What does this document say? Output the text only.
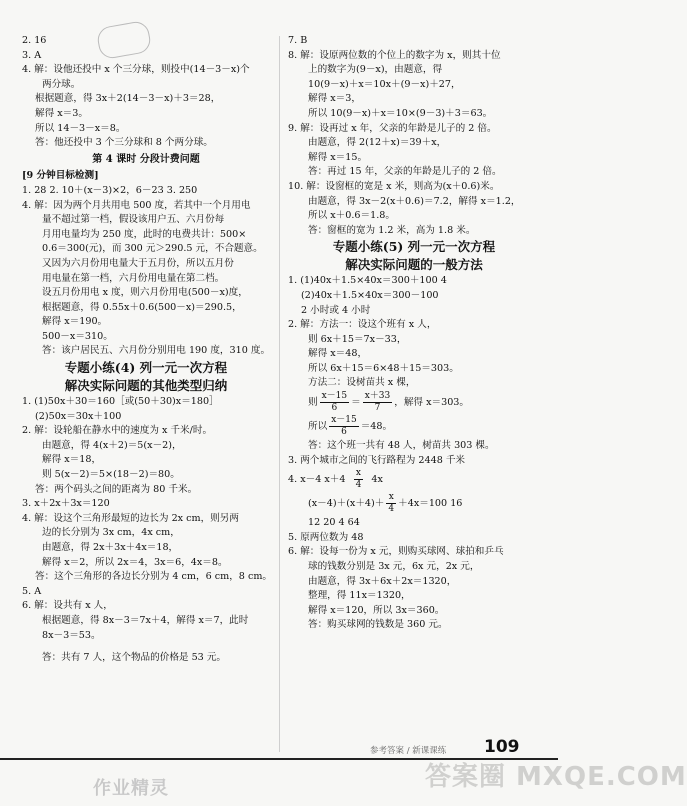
2. 16
3. A
4. 解：设他还投中 x 个三分球，则投中(14－3－x)个
两分球。
根据题意，得 3x＋2(14－3－x)＋3＝28，
解得 x＝3。
所以 14－3－x＝8。
答：他还投中 3 个三分球和 8 个两分球。
第 4 课时 分段计费问题
[9 分钟目标检测]
1. 28 2. 10＋(x－3)×2，6－23 3. 250
4. 解：因为两个月共用电 500 度，若其中一个月用电
量不超过第一档，假设该用户五、六月份每
月用电量均为 250 度，此时的电费共计：500×
0.6＝300(元)，而 300 元＞290.5 元，不合题意。
又因为六月份用电量大于五月份，所以五月份
用电量在第一档，六月份用电量在第二档。
设五月份用电 x 度，则六月份用电(500－x)度，
根据题意，得 0.55x＋0.6(500－x)＝290.5，
解得 x＝190。
500－x＝310。
答：该户居民五、六月份分别用电 190 度，310 度。
专题小练(4) 列一元一次方程
解决实际问题的其他类型归纳
1. (1)50x＋30＝160［或(50＋30)x＝180］
(2)50x＝30x＋100
2. 解：设轮船在静水中的速度为 x 千米/时。
由题意，得 4(x＋2)＝5(x－2)，
解得 x＝18，
则 5(x－2)＝5×(18－2)＝80。
答：两个码头之间的距离为 80 千米。
3. x＋2x＋3x＝120
4. 解：设这个三角形最短的边长为 2x cm，则另两
边的长分别为 3x cm，4x cm，
由题意，得 2x＋3x＋4x＝18，
解得 x＝2，所以 2x＝4，3x＝6，4x＝8。
答：这个三角形的各边长分别为 4 cm，6 cm，8 cm。
5. A
6. 解：设共有 x 人，
根据题意，得 8x－3＝7x＋4，解得 x＝7，此时
8x－3＝53。
答：共有 7 人，这个物品的价格是 53 元。
7. B
8. 解：设原两位数的个位上的数字为 x，则其十位
上的数字为(9－x)，由题意，得
10(9－x)＋x＝10x＋(9－x)＋27，
解得 x＝3，
所以 10(9－x)＋x＝10×(9－3)＋3＝63。
9. 解：设再过 x 年，父亲的年龄是儿子的 2 倍。
由题意，得 2(12＋x)＝39＋x，
解得 x＝15。
答：再过 15 年，父亲的年龄是儿子的 2 倍。
10. 解：设窗框的宽是 x 米，则高为(x＋0.6)米。
由题意，得 3x－2(x＋0.6)＝7.2，解得 x＝1.2，
所以 x＋0.6＝1.8。
答：窗框的宽为 1.2 米，高为 1.8 米。
专题小练(5) 列一元一次方程
解决实际问题的一般方法
1. (1)40x＋1.5×40x＝300＋100 4
(2)40x＋1.5×40x＝300－100
2 小时或 4 小时
2. 解：方法一：设这个班有 x 人，
则 6x＋15＝7x－33，
解得 x＝48，
所以 6x＋15＝6×48＋15＝303。
方法二：设树苗共 x 棵，
则 $\frac{x-15}{6} = \frac{x+33}{7}$ ，解得 x＝303。
所以 $\frac{x-15}{6} =48$。
答：这个班一共有 48 人，树苗共 303 棵。
3. 两个城市之间的飞行路程为 2448 千米
4. x－4 $x+4 \frac{x}{4} 4x$
$(x-4)+(x+4)+ \frac{x}{4} +4x=100$ 16
12 20 4 64
5. 原两位数为 48
6. 解：设每一份为 x 元，则购买球网、球拍和乒乓
球的钱数分别是 3x 元，6x 元，2x 元，
由题意，得 3x＋6x＋2x＝1320，
整理，得 11x＝1320，
解得 x＝120，所以 3x＝360。
答：购买球网的钱数是 360 元。
参考答案 / 新课课练 109
作业精灵	答案圈 MXQE.COM
